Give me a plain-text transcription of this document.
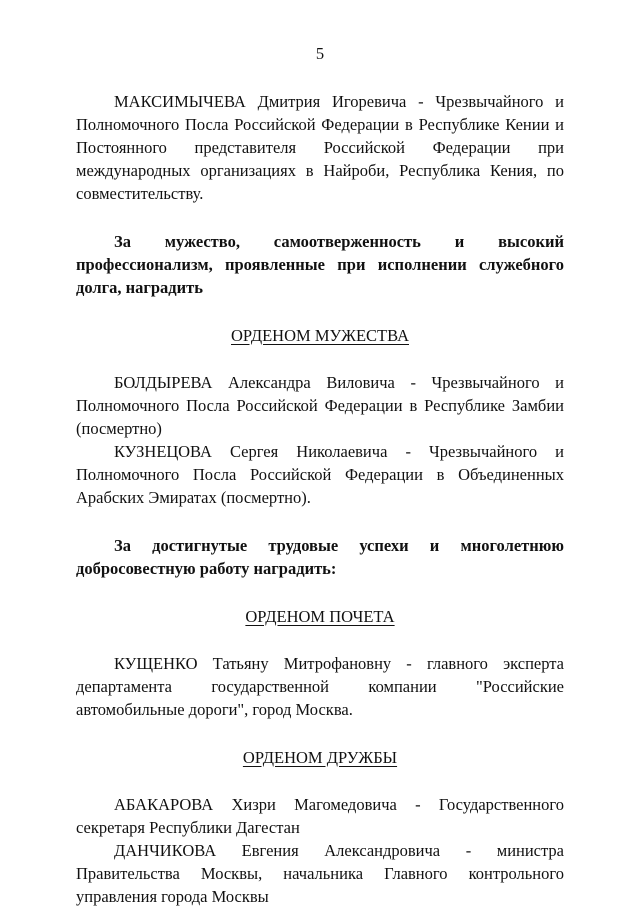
5

МАКСИМЫЧЕВА Дмитрия Игоревича - Чрезвычайного и Полномочного Посла Российской Федерации в Республике Кении и Постоянного представителя Российской Федерации при международных организациях в Найроби, Республика Кения, по совместительству.

За мужество, самоотверженность и высокий профессионализм, проявленные при исполнении служебного долга, наградить

ОРДЕНОМ МУЖЕСТВА

БОЛДЫРЕВА Александра Виловича - Чрезвычайного и Полномочного Посла Российской Федерации в Республике Замбии (посмертно)

КУЗНЕЦОВА Сергея Николаевича - Чрезвычайного и Полномочного Посла Российской Федерации в Объединенных Арабских Эмиратах (посмертно).

За достигнутые трудовые успехи и многолетнюю добросовестную работу наградить:

ОРДЕНОМ ПОЧЕТА

КУЩЕНКО Татьяну Митрофановну - главного эксперта департамента государственной компании "Российские автомобильные дороги", город Москва.

ОРДЕНОМ ДРУЖБЫ

АБАКАРОВА Хизри Магомедовича - Государственного секретаря Республики Дагестан

ДАНЧИКОВА Евгения Александровича - министра Правительства Москвы, начальника Главного контрольного управления города Москвы
